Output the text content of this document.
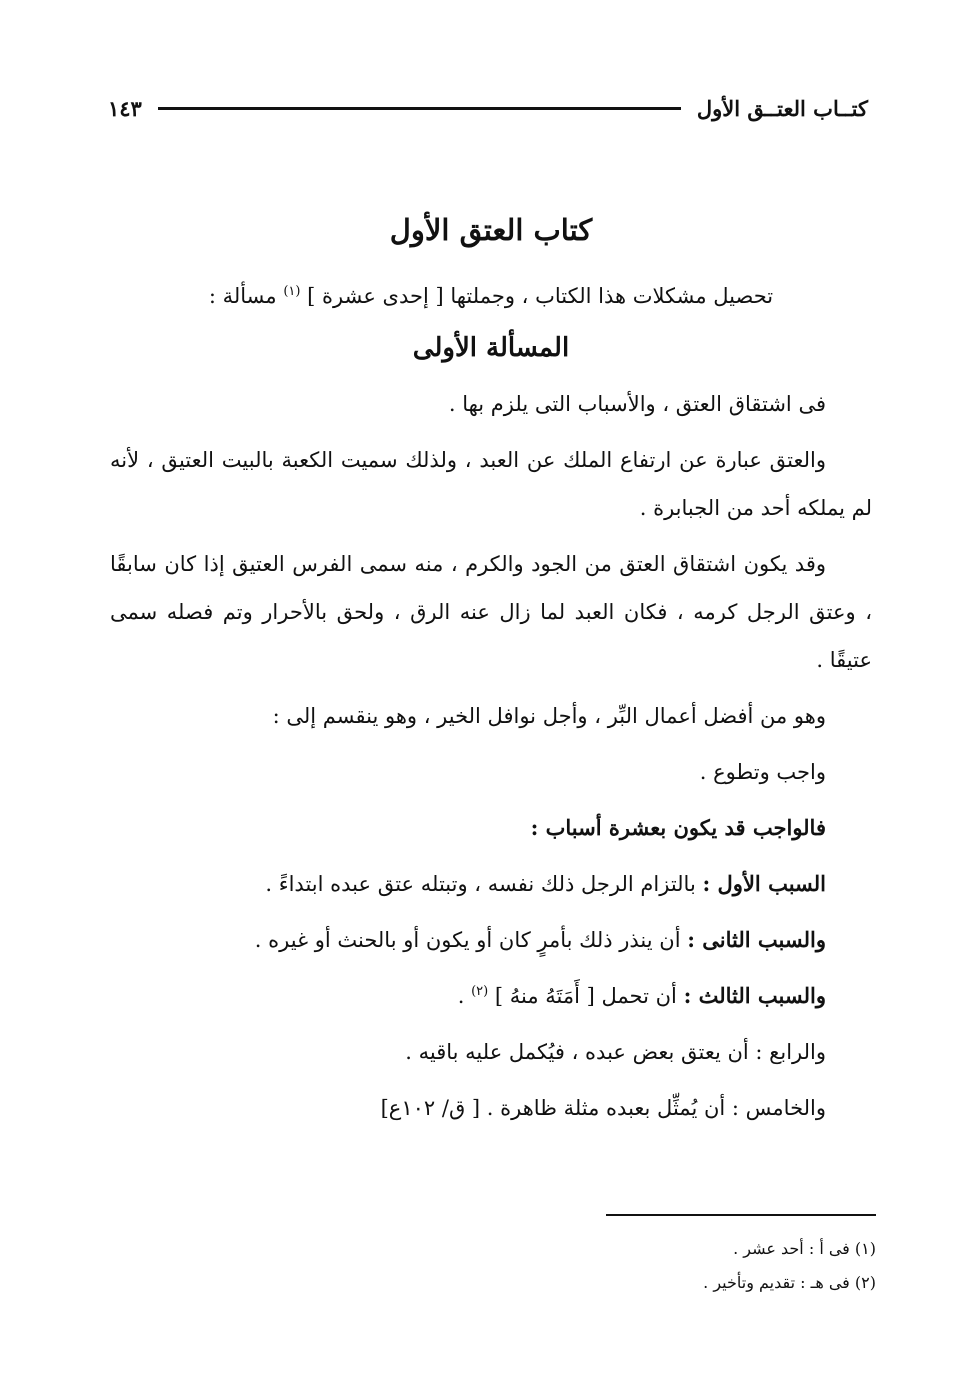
كتــاب العتــق الأول
١٤٣
كتاب العتق الأول
تحصيل مشكلات هذا الكتاب ، وجملتها [ إحدى عشرة ] $^{(١)}$ مسألة :
المسألة الأولى

فى اشتقاق العتق ، والأسباب التى يلزم بها .

والعتق عبارة عن ارتفاع الملك عن العبد ، ولذلك سميت الكعبة بالبيت العتيق ، لأنه لم يملكه أحد من الجبابرة .

وقد يكون اشتقاق العتق من الجود والكرم ، منه سمى الفرس العتيق إذا كان سابقًا ، وعتق الرجل كرمه ، فكان العبد لما زال عنه الرق ، ولحق بالأحرار وتم فصله سمى عتيقًا .

وهو من أفضل أعمال البِّر ، وأجل نوافل الخير ، وهو ينقسم إلى :

واجب وتطوع .

فالواجب قد يكون بعشرة أسباب :

السبب الأول : بالتزام الرجل ذلك نفسه ، وتبتله عتق عبده ابتداءً .

والسبب الثانى : أن ينذر ذلك بأمرٍ كان أو يكون أو بالحنث أو غيره .

والسبب الثالث : أن تحمل [ أَمَتَهُ منهُ ] $^{(٢)}$ .

والرابع : أن يعتق بعض عبده ، فيُكمل عليه باقيه .

والخامس : أن يُمثِّل بعبده مثلة ظاهرة . [ ق/ ١٠٢ع]

(١) فى أ : أحد عشر .

(٢) فى هـ : تقديم وتأخير .
